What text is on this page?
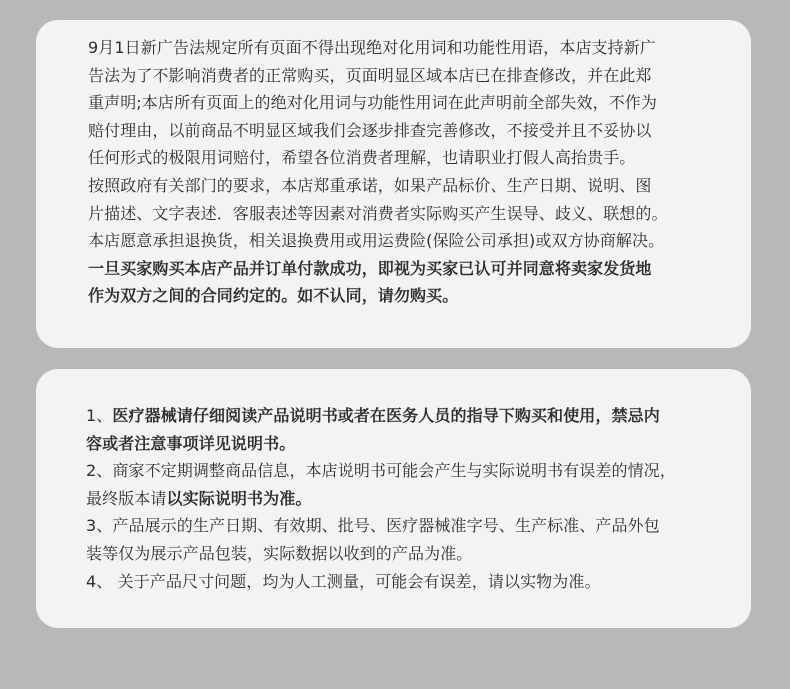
9月1日新广告法规定所有页面不得出现绝对化用词和功能性用语，本店支持新广
告法为了不影响消费者的正常购买，页面明显区域本店已在排查修改，并在此郑
重声明;本店所有页面上的绝对化用词与功能性用词在此声明前全部失效，不作为
赔付理由，以前商品不明显区域我们会逐步排查完善修改，不接受并且不妥协以
任何形式的极限用词赔付，希望各位消费者理解，也请职业打假人高抬贵手。
按照政府有关部门的要求，本店郑重承诺，如果产品标价、生产日期、说明、图
片描述、文字表述．客服表述等因素对消费者实际购买产生误导、歧义、联想的。
本店愿意承担退换货，相关退换费用或用运费险(保险公司承担)或双方协商解决。
一旦买家购买本店产品并订单付款成功，即视为买家已认可并同意将卖家发货地
作为双方之间的合同约定的。如不认同，请勿购买。
1、医疗器械请仔细阅读产品说明书或者在医务人员的指导下购买和使用，禁忌内
容或者注意事项详见说明书。
2、商家不定期调整商品信息，本店说明书可能会产生与实际说明书有误差的情况，
最终版本请以实际说明书为准。
3、产品展示的生产日期、有效期、批号、医疗器械准字号、生产标准、产品外包
装等仅为展示产品包装，实际数据以收到的产品为准。
4、 关于产品尺寸问题，均为人工测量，可能会有误差，请以实物为准。
